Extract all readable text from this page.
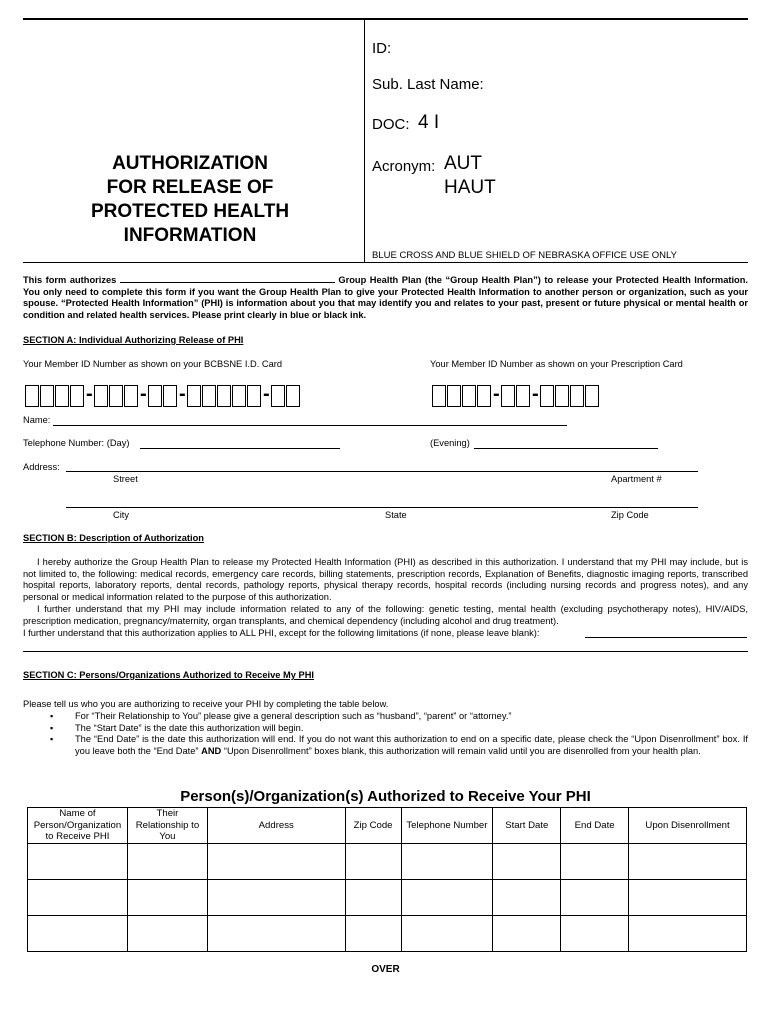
ID:
Sub. Last Name:
DOC: 4 I
Acronym: AUT
HAUT
BLUE CROSS AND BLUE SHIELD OF NEBRASKA OFFICE USE ONLY
AUTHORIZATION
FOR RELEASE OF
PROTECTED HEALTH
INFORMATION
This form authorizes	Group Health Plan (the “Group Health Plan”) to release your Protected Health Information. You only need to complete this form if you want the Group Health Plan to give your Protected Health Information to another person or organization, such as your spouse. “Protected Health Information” (PHI) is information about you that may identify you and relates to your past, present or future physical or mental health or condition and related health services. Please print clearly in blue or black ink.
SECTION A: Individual Authorizing Release of PHI
Your Member ID Number as shown on your BCBSNE I.D. Card	Your Member ID Number as shown on your Prescription Card
- - -	-	- -
Name:
Telephone Number: (Day)	(Evening)
Address:
Street	Apartment #
City	State	Zip Code
SECTION B: Description of Authorization
I hereby authorize the Group Health Plan to release my Protected Health Information (PHI) as described in this authorization. I understand that my PHI may include, but is not limited to, the following: medical records, emergency care records, billing statements, prescription records, Explanation of Benefits, diagnostic imaging reports, transcribed hospital reports, laboratory reports, dental records, pathology reports, physical therapy records, hospital records (including nursing records and progress notes), and any personal or medical information related to the purpose of this authorization.
I further understand that my PHI may include information related to any of the following: genetic testing, mental health (excluding psychotherapy notes), HIV/AIDS, prescription medication, pregnancy/maternity, organ transplants, and chemical dependency (including alcohol and drug treatment).
I further understand that this authorization applies to ALL PHI, except for the following limitations (if none, please leave blank):
SECTION C: Persons/Organizations Authorized to Receive My PHI
Please tell us who you are authorizing to receive your PHI by completing the table below.
▪ For “Their Relationship to You” please give a general description such as “husband”, “parent” or “attorney.”
▪ The “Start Date” is the date this authorization will begin.
▪ The “End Date” is the date this authorization will end. If you do not want this authorization to end on a specific date, please check the “Upon Disenrollment” box. If you leave both the “End Date” AND “Upon Disenrollment” boxes blank, this authorization will remain valid until you are disenrolled from your health plan.
Person(s)/Organization(s) Authorized to Receive Your PHI
Name of Person/Organization to Receive PHI	Their Relationship to You	Address	Zip Code	Telephone Number	Start Date	End Date	Upon Disenrollment

OVER
